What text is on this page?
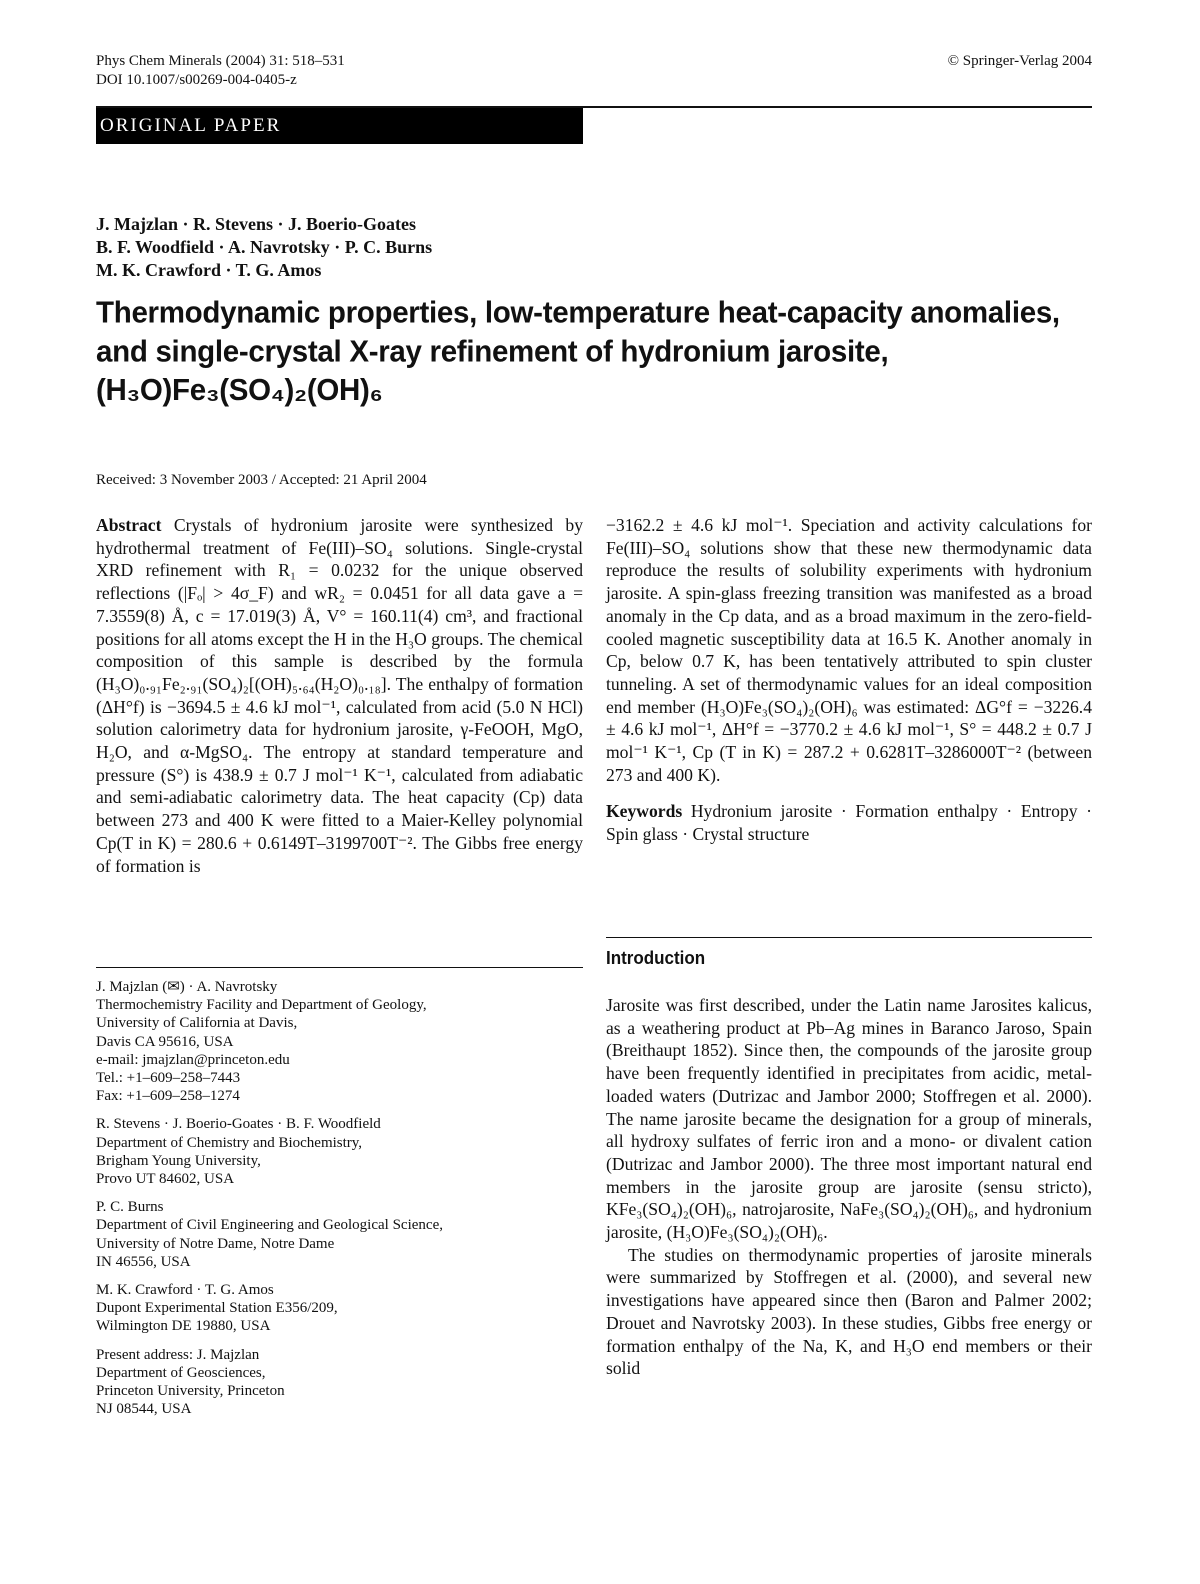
Phys Chem Minerals (2004) 31: 518–531
DOI 10.1007/s00269-004-0405-z
© Springer-Verlag 2004
ORIGINAL PAPER
J. Majzlan · R. Stevens · J. Boerio-Goates
B. F. Woodfield · A. Navrotsky · P. C. Burns
M. K. Crawford · T. G. Amos
Thermodynamic properties, low-temperature heat-capacity anomalies,
and single-crystal X-ray refinement of hydronium jarosite,
(H₃O)Fe₃(SO₄)₂(OH)₆
Received: 3 November 2003 / Accepted: 21 April 2004

Abstract Crystals of hydronium jarosite were synthesized by hydrothermal treatment of Fe(III)–SO₄ solutions. Single-crystal XRD refinement with R₁ = 0.0232 for the unique observed reflections (|Fₒ| > 4σ_F) and wR₂ = 0.0451 for all data gave a = 7.3559(8) Å, c = 17.019(3) Å, V° = 160.11(4) cm³, and fractional positions for all atoms except the H in the H₃O groups. The chemical composition of this sample is described by the formula (H₃O)₀.₉₁Fe₂.₉₁(SO₄)₂[(OH)₅.₆₄(H₂O)₀.₁₈]. The enthalpy of formation (ΔH°f) is −3694.5 ± 4.6 kJ mol⁻¹, calculated from acid (5.0 N HCl) solution calorimetry data for hydronium jarosite, γ-FeOOH, MgO, H₂O, and α-MgSO₄. The entropy at standard temperature and pressure (S°) is 438.9 ± 0.7 J mol⁻¹ K⁻¹, calculated from adiabatic and semi-adiabatic calorimetry data. The heat capacity (Cp) data between 273 and 400 K were fitted to a Maier-Kelley polynomial Cp(T in K) = 280.6 + 0.6149T–3199700T⁻². The Gibbs free energy of formation is

−3162.2 ± 4.6 kJ mol⁻¹. Speciation and activity calculations for Fe(III)–SO₄ solutions show that these new thermodynamic data reproduce the results of solubility experiments with hydronium jarosite. A spin-glass freezing transition was manifested as a broad anomaly in the Cp data, and as a broad maximum in the zero-field-cooled magnetic susceptibility data at 16.5 K. Another anomaly in Cp, below 0.7 K, has been tentatively attributed to spin cluster tunneling. A set of thermodynamic values for an ideal composition end member (H₃O)Fe₃(SO₄)₂(OH)₆ was estimated: ΔG°f = −3226.4 ± 4.6 kJ mol⁻¹, ΔH°f = −3770.2 ± 4.6 kJ mol⁻¹, S° = 448.2 ± 0.7 J mol⁻¹ K⁻¹, Cp (T in K) = 287.2 + 0.6281T–3286000T⁻² (between 273 and 400 K).

Keywords Hydronium jarosite · Formation enthalpy · Entropy · Spin glass · Crystal structure

J. Majzlan (✉) · A. Navrotsky
Thermochemistry Facility and Department of Geology,
University of California at Davis,
Davis CA 95616, USA
e-mail: jmajzlan@princeton.edu
Tel.: +1–609–258–7443
Fax: +1–609–258–1274
R. Stevens · J. Boerio-Goates · B. F. Woodfield
Department of Chemistry and Biochemistry,
Brigham Young University,
Provo UT 84602, USA
P. C. Burns
Department of Civil Engineering and Geological Science,
University of Notre Dame, Notre Dame
IN 46556, USA
M. K. Crawford · T. G. Amos
Dupont Experimental Station E356/209,
Wilmington DE 19880, USA
Present address: J. Majzlan
Department of Geosciences,
Princeton University, Princeton
NJ 08544, USA
Introduction

Jarosite was first described, under the Latin name Jarosites kalicus, as a weathering product at Pb–Ag mines in Baranco Jaroso, Spain (Breithaupt 1852). Since then, the compounds of the jarosite group have been frequently identified in precipitates from acidic, metal-loaded waters (Dutrizac and Jambor 2000; Stoffregen et al. 2000). The name jarosite became the designation for a group of minerals, all hydroxy sulfates of ferric iron and a mono- or divalent cation (Dutrizac and Jambor 2000). The three most important natural end members in the jarosite group are jarosite (sensu stricto), KFe₃(SO₄)₂(OH)₆, natrojarosite, NaFe₃(SO₄)₂(OH)₆, and hydronium jarosite, (H₃O)Fe₃(SO₄)₂(OH)₆.

The studies on thermodynamic properties of jarosite minerals were summarized by Stoffregen et al. (2000), and several new investigations have appeared since then (Baron and Palmer 2002; Drouet and Navrotsky 2003). In these studies, Gibbs free energy or formation enthalpy of the Na, K, and H₃O end members or their solid
